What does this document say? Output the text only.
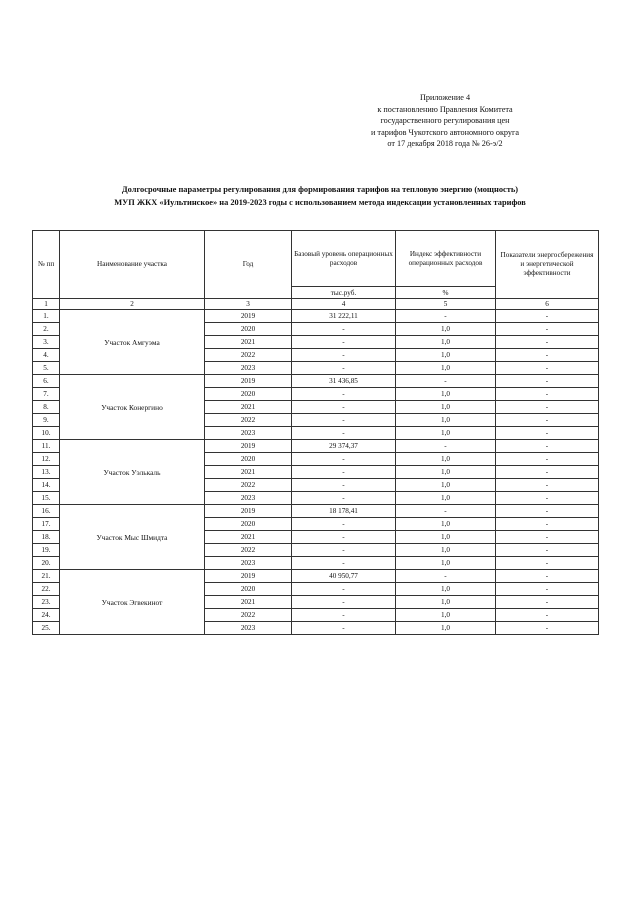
Приложение 4
к постановлению Правления Комитета
государственного регулирования цен
и тарифов Чукотского автономного округа
от 17 декабря 2018 года № 26-э/2
Долгосрочные параметры регулирования для формирования тарифов на тепловую энергию (мощность)
МУП ЖКХ «Иультинское» на 2019-2023 годы с использованием метода индексации установленных тарифов
№ пп	Наименование участка	Год	Базовый уровень операционных расходов	Индекс эффективности операционных расходов	Показатели энергосбережения и энергетической эффективности
			тыс.руб.	%	
1	2	3	4	5	6
1.	Участок Амгуэма	2019	31 222,11	-	-
2.		2020	-	1,0	-
3.		2021	-	1,0	-
4.		2022	-	1,0	-
5.		2023	-	1,0	-
6.	Участок Конергино	2019	31 436,85	-	-
7.		2020	-	1,0	-
8.		2021	-	1,0	-
9.		2022	-	1,0	-
10.		2023	-	1,0	-
11.	Участок Уэлькаль	2019	29 374,37	-	-
12.		2020	-	1,0	-
13.		2021	-	1,0	-
14.		2022	-	1,0	-
15.		2023	-	1,0	-
16.	Участок Мыс Шмидта	2019	18 178,41	-	-
17.		2020	-	1,0	-
18.		2021	-	1,0	-
19.		2022	-	1,0	-
20.		2023	-	1,0	-
21.	Участок Эгвекинот	2019	40 950,77	-	-
22.		2020	-	1,0	-
23.		2021	-	1,0	-
24.		2022	-	1,0	-
25.		2023	-	1,0	-
